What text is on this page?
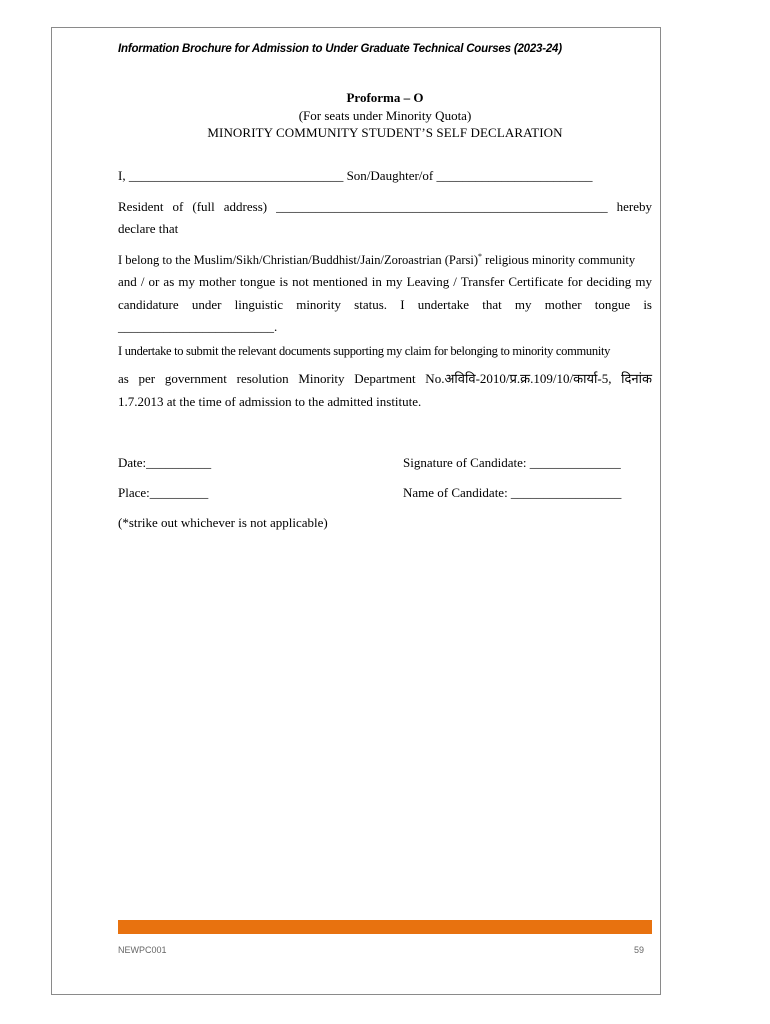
Information Brochure for Admission to Under Graduate Technical Courses (2023-24)
Proforma – O
(For seats under Minority Quota)
MINORITY COMMUNITY STUDENT’S SELF DECLARATION
I, _________________________________ Son/Daughter/of ________________________
Resident of (full address) ___________________________________________________ hereby
declare that
I belong to the Muslim/Sikh/Christian/Buddhist/Jain/Zoroastrian (Parsi)* religious minority community
and / or as my mother tongue is not mentioned in my Leaving / Transfer Certificate for deciding my
candidature under linguistic minority status. I undertake that my mother tongue is
________________________.
I undertake to submit the relevant documents supporting my claim for belonging to minority community
as per government resolution Minority Department No.अविवि-2010/प्र.क्र.109/10/कार्या-5, दिनांक
1.7.2013 at the time of admission to the admitted institute.
Date:__________	Signature of Candidate: ______________
Place:_________	Name of Candidate: _________________
(*strike out whichever is not applicable)
NEWPC001	59
